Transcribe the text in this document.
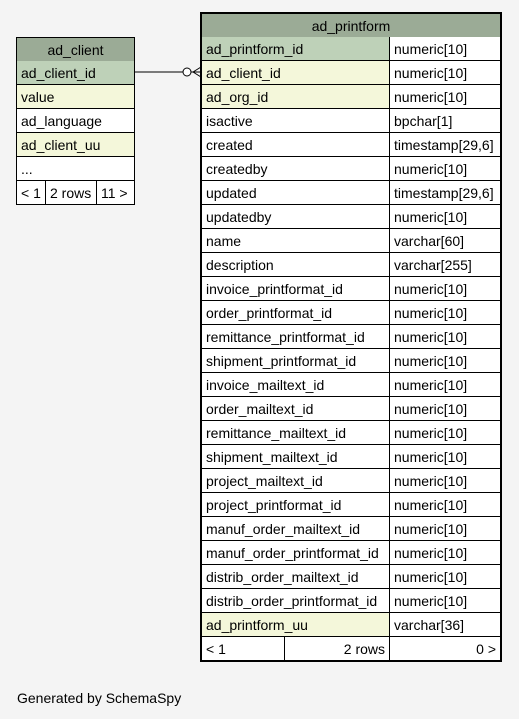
ad_client
ad_client_id
value
ad_language
ad_client_uu
...
< 1 2 rows 11 >
ad_printform
ad_printform_id	numeric[10]
ad_client_id	numeric[10]
ad_org_id	numeric[10]
isactive	bpchar[1]
created	timestamp[29,6]
createdby	numeric[10]
updated	timestamp[29,6]
updatedby	numeric[10]
name	varchar[60]
description	varchar[255]
invoice_printformat_id	numeric[10]
order_printformat_id	numeric[10]
remittance_printformat_id	numeric[10]
shipment_printformat_id	numeric[10]
invoice_mailtext_id	numeric[10]
order_mailtext_id	numeric[10]
remittance_mailtext_id	numeric[10]
shipment_mailtext_id	numeric[10]
project_mailtext_id	numeric[10]
project_printformat_id	numeric[10]
manuf_order_mailtext_id	numeric[10]
manuf_order_printformat_id	numeric[10]
distrib_order_mailtext_id	numeric[10]
distrib_order_printformat_id	numeric[10]
ad_printform_uu	varchar[36]
< 1	2 rows	0 >
Generated by SchemaSpy
